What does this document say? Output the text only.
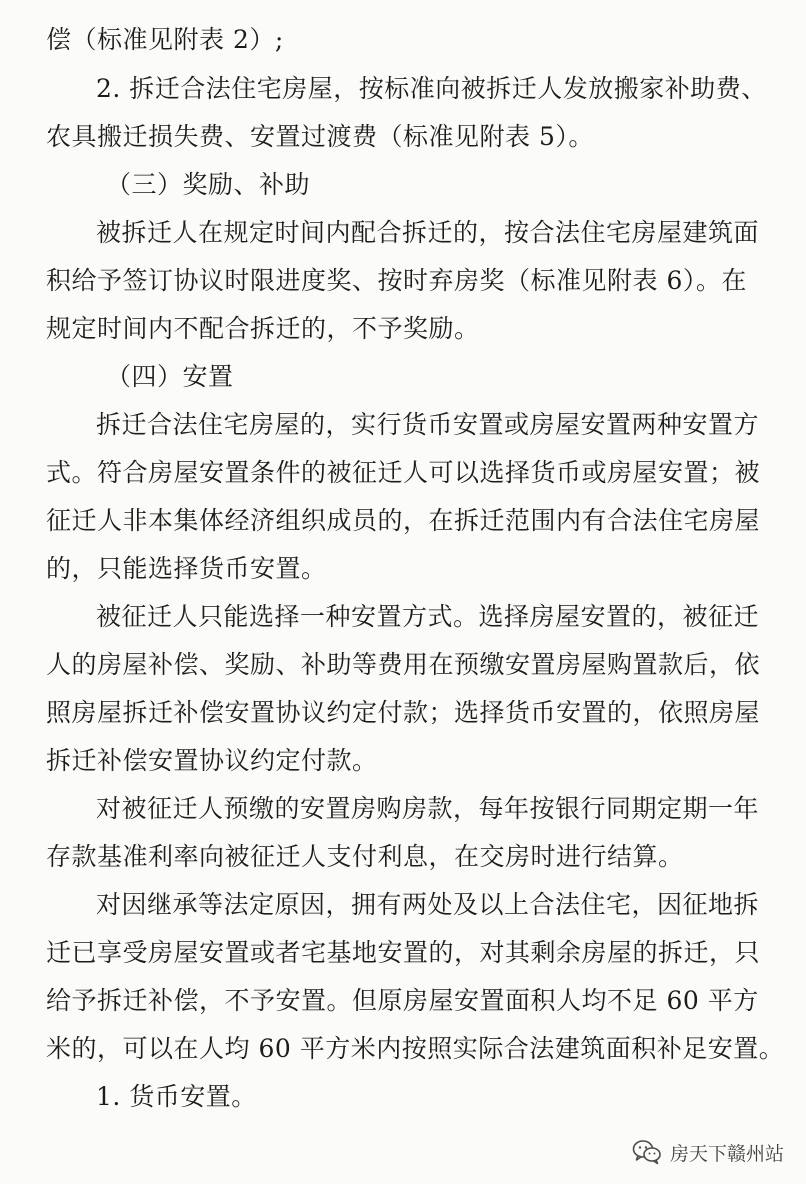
偿（标准见附表 2）;
2. 拆迁合法住宅房屋，按标准向被拆迁人发放搬家补助费、
农具搬迁损失费、安置过渡费（标准见附表 5）。
（三）奖励、补助
被拆迁人在规定时间内配合拆迁的，按合法住宅房屋建筑面
积给予签订协议时限进度奖、按时弃房奖（标准见附表 6）。在
规定时间内不配合拆迁的，不予奖励。
（四）安置
拆迁合法住宅房屋的，实行货币安置或房屋安置两种安置方
式。符合房屋安置条件的被征迁人可以选择货币或房屋安置；被
征迁人非本集体经济组织成员的，在拆迁范围内有合法住宅房屋
的，只能选择货币安置。
被征迁人只能选择一种安置方式。选择房屋安置的，被征迁
人的房屋补偿、奖励、补助等费用在预缴安置房屋购置款后，依
照房屋拆迁补偿安置协议约定付款；选择货币安置的，依照房屋
拆迁补偿安置协议约定付款。
对被征迁人预缴的安置房购房款，每年按银行同期定期一年
存款基准利率向被征迁人支付利息，在交房时进行结算。
对因继承等法定原因，拥有两处及以上合法住宅，因征地拆
迁已享受房屋安置或者宅基地安置的，对其剩余房屋的拆迁，只
给予拆迁补偿，不予安置。但原房屋安置面积人均不足 60 平方
米的，可以在人均 60 平方米内按照实际合法建筑面积补足安置。
1. 货币安置。
房天下赣州站
